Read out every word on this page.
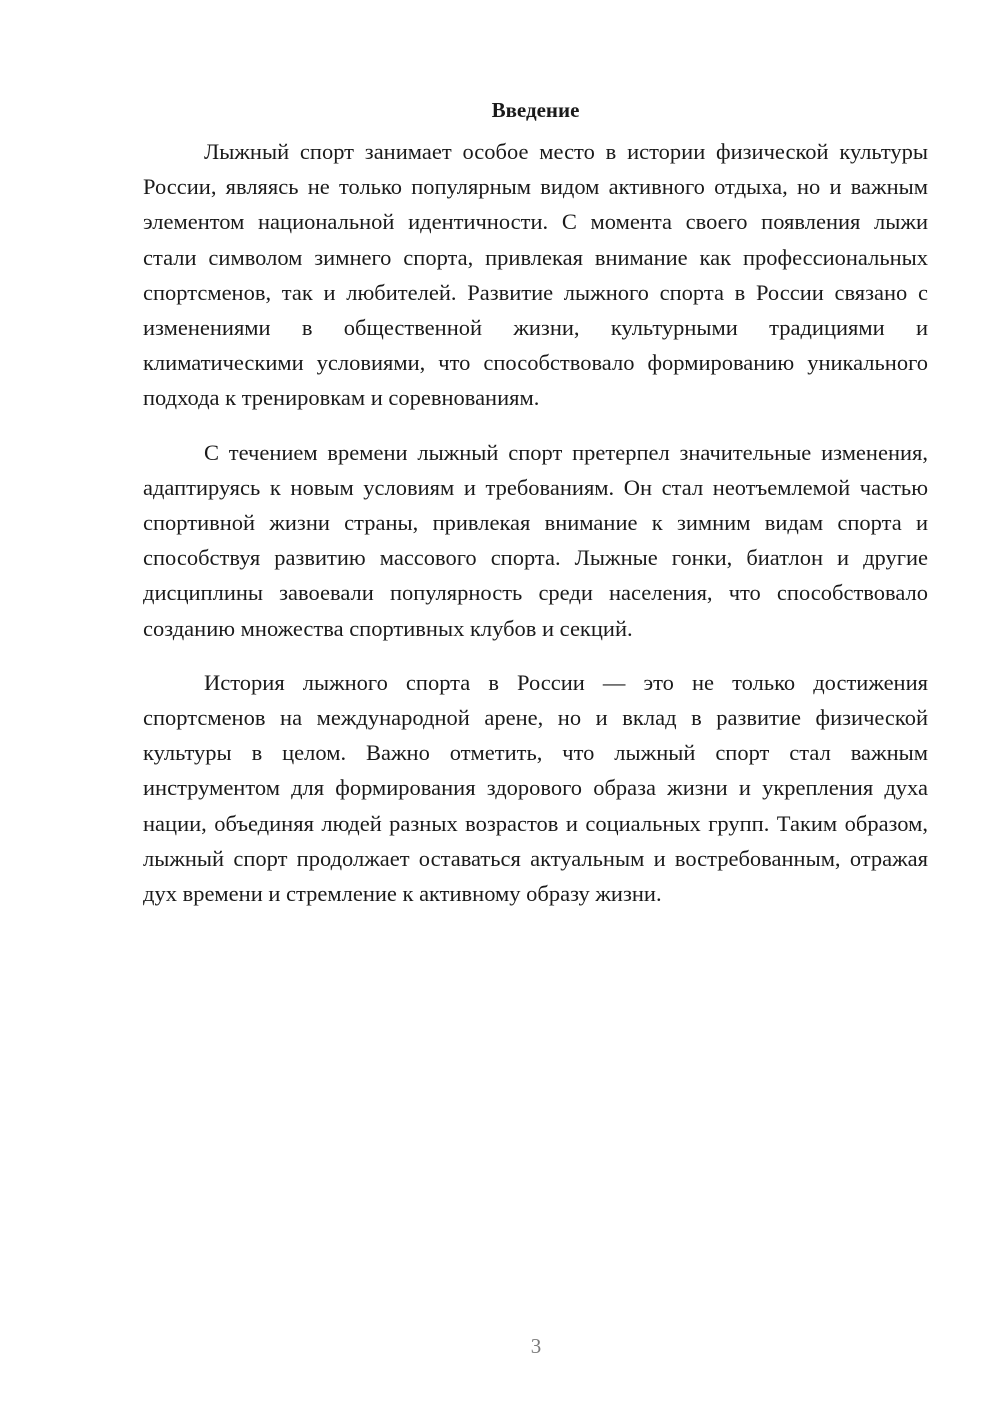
Введение

Лыжный спорт занимает особое место в истории физической культуры России, являясь не только популярным видом активного отдыха, но и важным элементом национальной идентичности. С момента своего появления лыжи стали символом зимнего спорта, привлекая внимание как профессиональных спортсменов, так и любителей. Развитие лыжного спорта в России связано с изменениями в общественной жизни, культурными традициями и климатическими условиями, что способствовало формированию уникального подхода к тренировкам и соревнованиям.

С течением времени лыжный спорт претерпел значительные изменения, адаптируясь к новым условиям и требованиям. Он стал неотъемлемой частью спортивной жизни страны, привлекая внимание к зимним видам спорта и способствуя развитию массового спорта. Лыжные гонки, биатлон и другие дисциплины завоевали популярность среди населения, что способствовало созданию множества спортивных клубов и секций.

История лыжного спорта в России — это не только достижения спортсменов на международной арене, но и вклад в развитие физической культуры в целом. Важно отметить, что лыжный спорт стал важным инструментом для формирования здорового образа жизни и укрепления духа нации, объединяя людей разных возрастов и социальных групп. Таким образом, лыжный спорт продолжает оставаться актуальным и востребованным, отражая дух времени и стремление к активному образу жизни.

3
